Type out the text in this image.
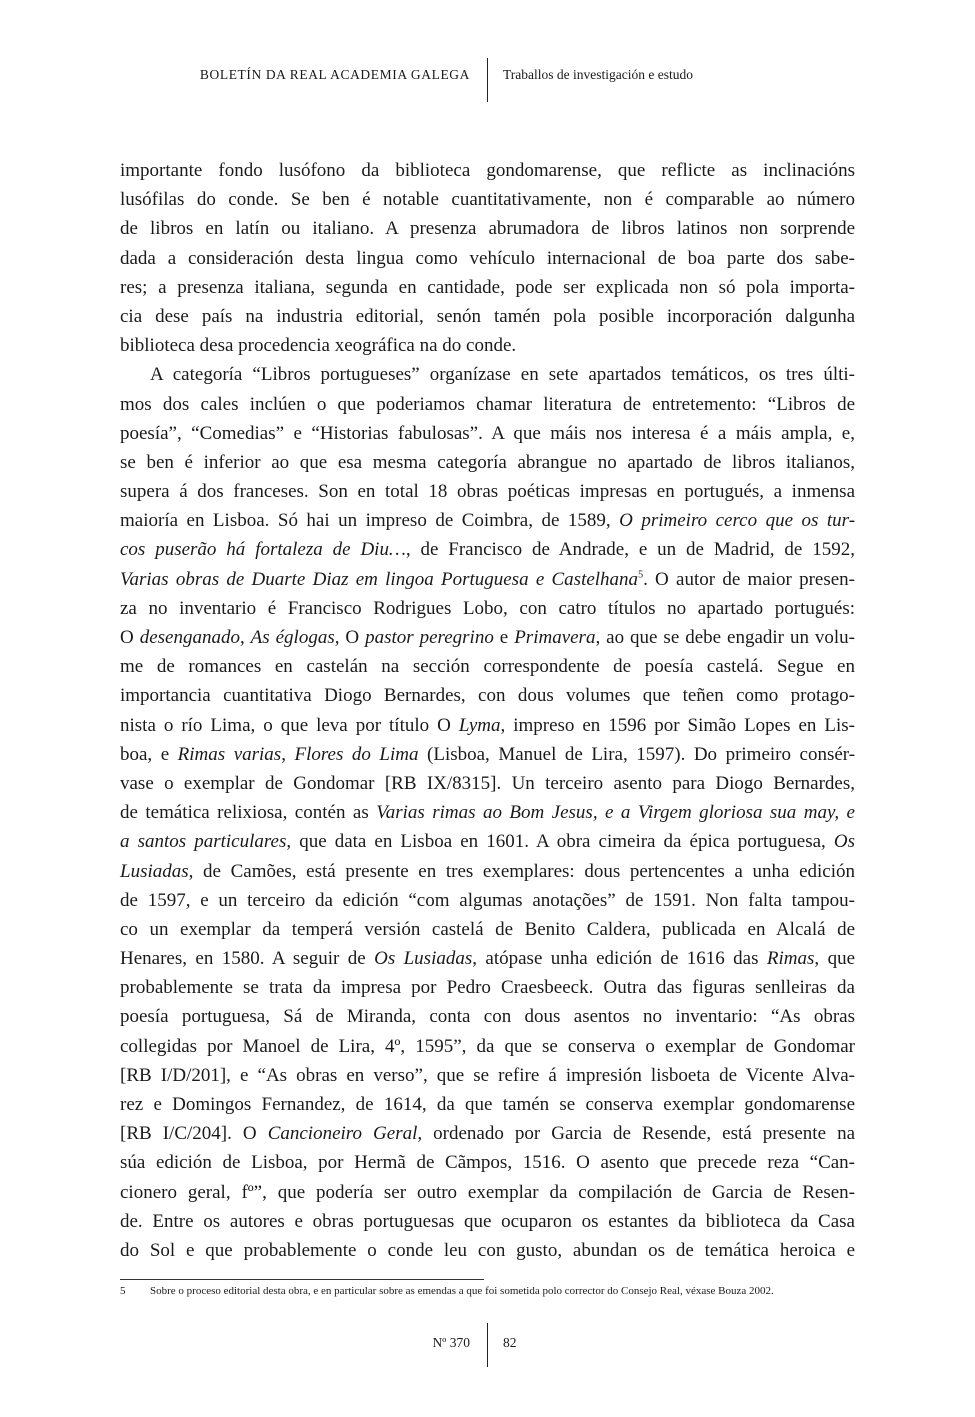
BOLETÍN DA REAL ACADEMIA GALEGA Traballos de investigación e estudo
importante fondo lusófono da biblioteca gondomarense, que reflicte as inclinacións
lusófilas do conde. Se ben é notable cuantitativamente, non é comparable ao número
de libros en latín ou italiano. A presenza abrumadora de libros latinos non sorprende
dada a consideración desta lingua como vehículo internacional de boa parte dos sabe-
res; a presenza italiana, segunda en cantidade, pode ser explicada non só pola importa-
cia dese país na industria editorial, senón tamén pola posible incorporación dalgunha
biblioteca desa procedencia xeográfica na do conde.
A categoría “Libros portugueses” organízase en sete apartados temáticos, os tres últi-
mos dos cales inclúen o que poderiamos chamar literatura de entretemento: “Libros de
poesía”, “Comedias” e “Historias fabulosas”. A que máis nos interesa é a máis ampla, e,
se ben é inferior ao que esa mesma categoría abrangue no apartado de libros italianos,
supera á dos franceses. Son en total 18 obras poéticas impresas en portugués, a inmensa
maioría en Lisboa. Só hai un impreso de Coimbra, de 1589, O primeiro cerco que os tur-
cos puserão há fortaleza de Diu…, de Francisco de Andrade, e un de Madrid, de 1592,
Varias obras de Duarte Diaz em lingoa Portuguesa e Castelhana$^5$. O autor de maior presen-
za no inventario é Francisco Rodrigues Lobo, con catro títulos no apartado portugués:
O desenganado, As églogas, O pastor peregrino e Primavera, ao que se debe engadir un volu-
me de romances en castelán na sección correspondente de poesía castelá. Segue en
importancia cuantitativa Diogo Bernardes, con dous volumes que teñen como protago-
nista o río Lima, o que leva por título O Lyma, impreso en 1596 por Simão Lopes en Lis-
boa, e Rimas varias, Flores do Lima (Lisboa, Manuel de Lira, 1597). Do primeiro consér-
vase o exemplar de Gondomar [RB IX/8315]. Un terceiro asento para Diogo Bernardes,
de temática relixiosa, contén as Varias rimas ao Bom Jesus, e a Virgem gloriosa sua may, e
a santos particulares, que data en Lisboa en 1601. A obra cimeira da épica portuguesa, Os
Lusiadas, de Camões, está presente en tres exemplares: dous pertencentes a unha edición
de 1597, e un terceiro da edición “com algumas anotações” de 1591. Non falta tampou-
co un exemplar da temperá versión castelá de Benito Caldera, publicada en Alcalá de
Henares, en 1580. A seguir de Os Lusiadas, atópase unha edición de 1616 das Rimas, que
probablemente se trata da impresa por Pedro Craesbeeck. Outra das figuras senlleiras da
poesía portuguesa, Sá de Miranda, conta con dous asentos no inventario: “As obras
collegidas por Manoel de Lira, 4º, 1595”, da que se conserva o exemplar de Gondomar
[RB I/D/201], e “As obras en verso”, que se refire á impresión lisboeta de Vicente Alva-
rez e Domingos Fernandez, de 1614, da que tamén se conserva exemplar gondomarense
[RB I/C/204]. O Cancioneiro Geral, ordenado por Garcia de Resende, está presente na
súa edición de Lisboa, por Hermã de Cãmpos, 1516. O asento que precede reza “Can-
cionero geral, fº”, que podería ser outro exemplar da compilación de Garcia de Resen-
de. Entre os autores e obras portuguesas que ocuparon os estantes da biblioteca da Casa
do Sol e que probablemente o conde leu con gusto, abundan os de temática heroica e
5 Sobre o proceso editorial desta obra, e en particular sobre as emendas a que foi sometida polo corrector do Consejo Real, véxase Bouza 2002.
Nº 370 82
